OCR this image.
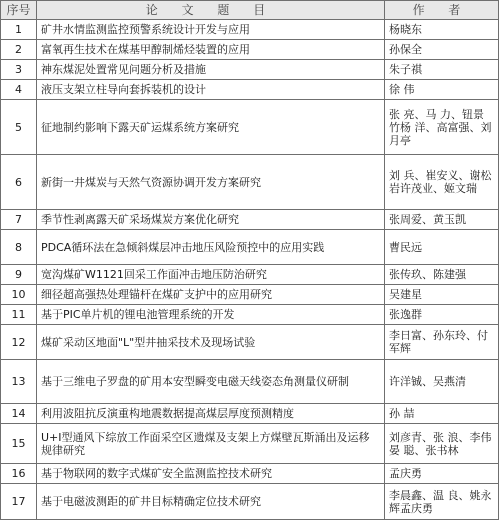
序号	论 文 题 目	作 者
1	矿井水情监测监控预警系统设计开发与应用	杨晓东
2	富氧再生技术在煤基甲醇制烯烃装置的应用	孙保全
3	神东煤泥处置常见问题分析及措施	朱子祺
4	液压支架立柱导向套拆装机的设计	徐 伟
5	征地制约影响下露天矿运煤系统方案研究	张 亮、马 力、钮景竹杨 洋、高富强、刘月亭
6	新街一井煤炭与天然气资源协调开发方案研究	刘 兵、崔安义、谢松岩许茂业、姬文瑞
7	季节性剥离露天矿采场煤炭方案优化研究	张周爱、黄玉凯
8	PDCA循环法在急倾斜煤层冲击地压风险预控中的应用实践	曹民远
9	宽沟煤矿W1121回采工作面冲击地压防治研究	张传玖、陈建强
10	细径超高强热处理锚杆在煤矿支护中的应用研究	吴建星
11	基于PIC单片机的锂电池管理系统的开发	张逸群
12	煤矿采动区地面"L"型井抽采技术及现场试验	李日富、孙东玲、付军辉
13	基于三维电子罗盘的矿用本安型瞬变电磁天线姿态角测量仪研制	许洋铖、吴燕清
14	利用波阻抗反演重构地震数据提高煤层厚度预测精度	孙 喆
15	U+I型通风下综放工作面采空区遗煤及支架上方煤壁瓦斯涌出及运移规律研究	刘彦青、张 浪、李伟晏 聪、张书林
16	基于物联网的数字式煤矿安全监测监控技术研究	孟庆勇
17	基于电磁波测距的矿井目标精确定位技术研究	李晨鑫、温 良、姚永辉孟庆勇
